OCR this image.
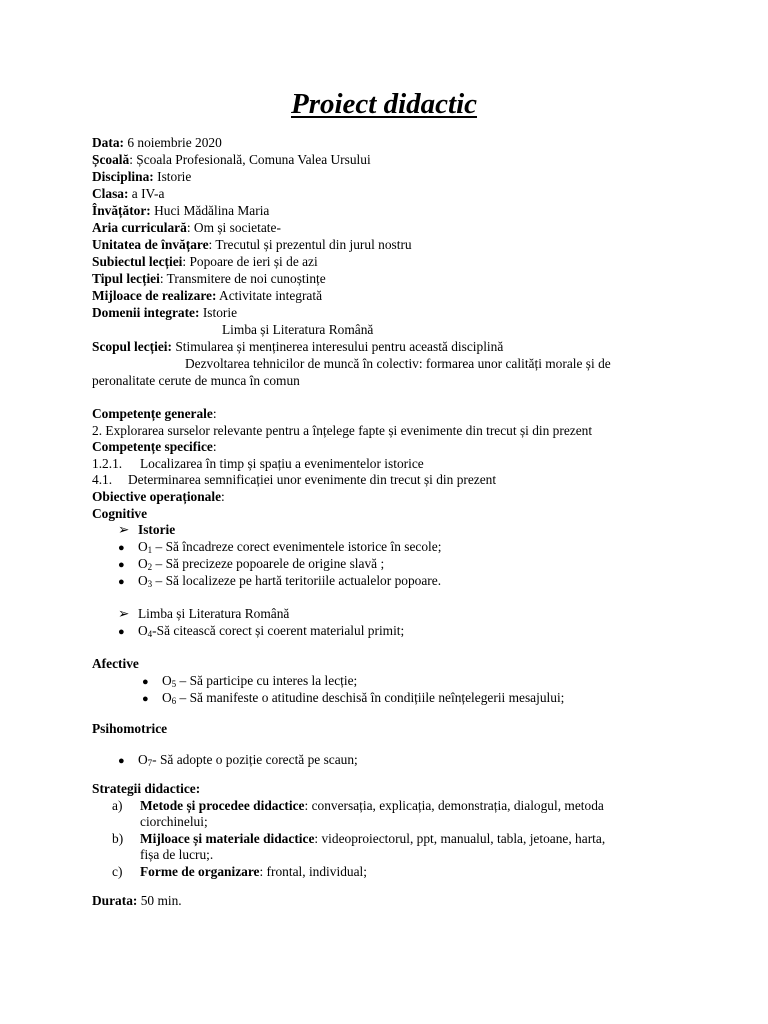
Proiect didactic
Data: 6 noiembrie 2020
Școală: Școala Profesională, Comuna Valea Ursului
Disciplina: Istorie
Clasa: a IV-a
Învățător: Huci Mădălina Maria
Aria curriculară: Om și societate-
Unitatea de învățare: Trecutul și prezentul din jurul nostru
Subiectul lecției: Popoare de ieri și de azi
Tipul lecției: Transmitere de noi cunoștințe
Mijloace de realizare: Activitate integrată
Domenii integrate: Istorie
Limba și Literatura Română
Scopul lecției: Stimularea și menținerea interesului pentru această disciplină
Dezvoltarea tehnicilor de muncă în colectiv: formarea unor calități morale și de
peronalitate cerute de munca în comun
Competențe generale:
2. Explorarea surselor relevante pentru a înțelege fapte și evenimente din trecut și din prezent
Competențe specifice:
1.2.1. Localizarea în timp și spațiu a evenimentelor istorice
4.1. Determinarea semnificației unor evenimente din trecut și din prezent
Obiective operaționale:
Cognitive
➢ Istorie
● $O_1$ – Să încadreze corect evenimentele istorice în secole;
● $O_2$ – Să precizeze popoarele de origine slavă ;
● $O_3$ – Să localizeze pe hartă teritoriile actualelor popoare.
➢ Limba și Literatura Română
● $O_4-Să$ citească corect și coerent materialul primit;
Afective
● $O_5$ – Să participe cu interes la lecție;
● $O_6$ – Să manifeste o atitudine deschisă în condițiile neînțelegerii mesajului;
Psihomotrice
● $O_7-$ Să adopte o poziție corectă pe scaun;
Strategii didactice:
a) Metode și procedee didactice: conversația, explicația, demonstrația, dialogul, metoda
ciorchinelui;
b) Mijloace și materiale didactice: videoproiectorul, ppt, manualul, tabla, jetoane, harta,
fișa de lucru;.
c) Forme de organizare: frontal, individual;
Durata: 50 min.
